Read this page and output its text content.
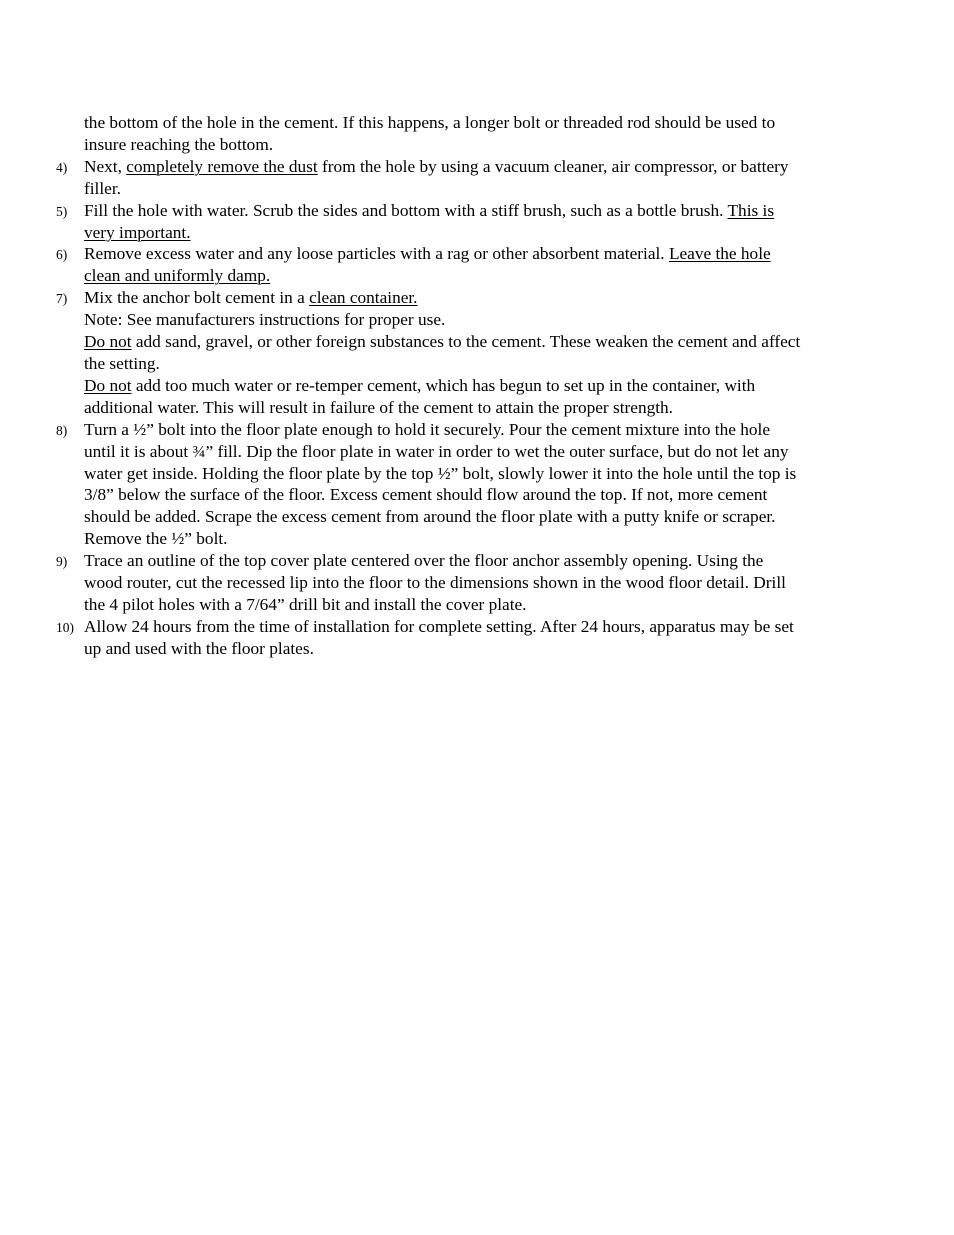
the bottom of the hole in the cement. If this happens, a longer bolt or threaded rod should be used to
insure reaching the bottom.
4) Next, completely remove the dust from the hole by using a vacuum cleaner, air compressor, or battery
filler.
5) Fill the hole with water. Scrub the sides and bottom with a stiff brush, such as a bottle brush. This is
very important.
6) Remove excess water and any loose particles with a rag or other absorbent material. Leave the hole
clean and uniformly damp.
7) Mix the anchor bolt cement in a clean container.
Note: See manufacturers instructions for proper use.
Do not add sand, gravel, or other foreign substances to the cement. These weaken the cement and affect
the setting.
Do not add too much water or re-temper cement, which has begun to set up in the container, with
additional water. This will result in failure of the cement to attain the proper strength.
8) Turn a ½” bolt into the floor plate enough to hold it securely. Pour the cement mixture into the hole
until it is about ¾” fill. Dip the floor plate in water in order to wet the outer surface, but do not let any
water get inside. Holding the floor plate by the top ½” bolt, slowly lower it into the hole until the top is
3/8” below the surface of the floor. Excess cement should flow around the top. If not, more cement
should be added. Scrape the excess cement from around the floor plate with a putty knife or scraper.
Remove the ½” bolt.
9) Trace an outline of the top cover plate centered over the floor anchor assembly opening. Using the
wood router, cut the recessed lip into the floor to the dimensions shown in the wood floor detail. Drill
the 4 pilot holes with a 7/64” drill bit and install the cover plate.
10) Allow 24 hours from the time of installation for complete setting. After 24 hours, apparatus may be set
up and used with the floor plates.
